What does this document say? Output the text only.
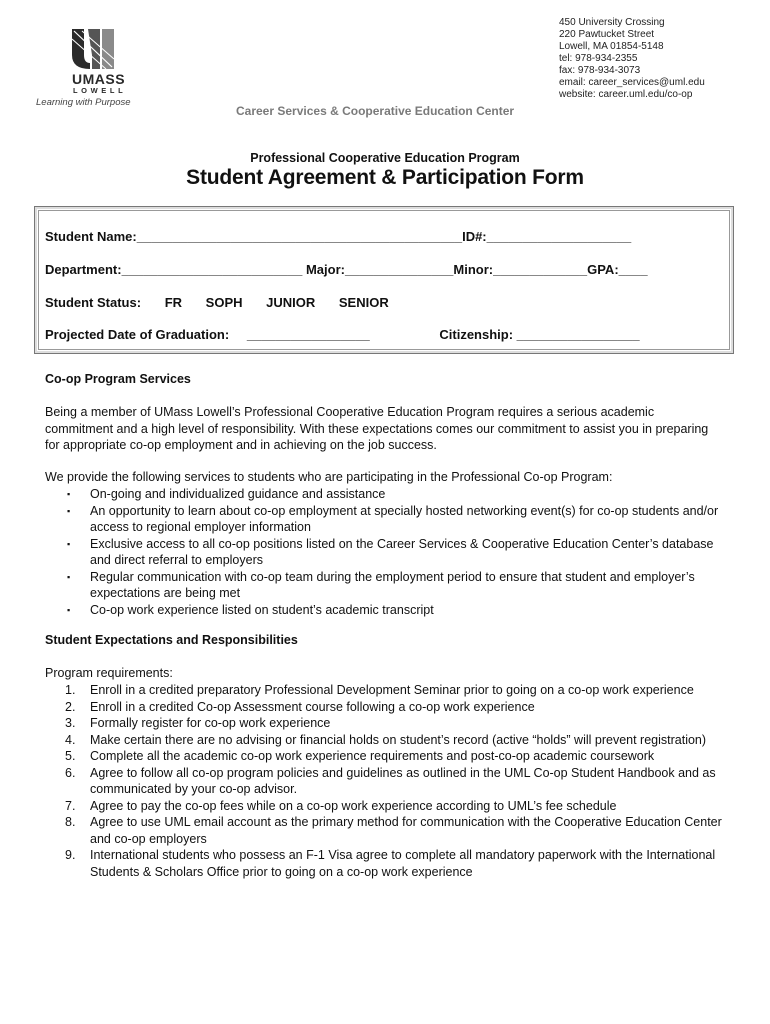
UMASS
LOWELL
Learning with Purpose
450 University Crossing
220 Pawtucket Street
Lowell, MA 01854-5148
tel: 978-934-2355
fax: 978-934-3073
email: career_services@uml.edu
website: career.uml.edu/co-op
Career Services & Cooperative Education Center
Professional Cooperative Education Program
Student Agreement & Participation Form
Student Name:_____________________________________________ID#:____________________
Department:_________________________ Major:_______________Minor:_____________GPA:____
Student Status: FR SOPH JUNIOR SENIOR
Projected Date of Graduation: _________________	Citizenship: _________________
Co-op Program Services
Being a member of UMass Lowell’s Professional Cooperative Education Program requires a serious academic commitment and a high level of responsibility. With these expectations comes our commitment to assist you in preparing for appropriate co-op employment and in achieving on the job success.
We provide the following services to students who are participating in the Professional Co-op Program:
▪ On-going and individualized guidance and assistance
▪ An opportunity to learn about co-op employment at specially hosted networking event(s) for co-op students and/or access to regional employer information
▪ Exclusive access to all co-op positions listed on the Career Services & Cooperative Education Center’s database and direct referral to employers
▪ Regular communication with co-op team during the employment period to ensure that student and employer’s expectations are being met
▪ Co-op work experience listed on student’s academic transcript
Student Expectations and Responsibilities
Program requirements:
1. Enroll in a credited preparatory Professional Development Seminar prior to going on a co-op work experience
2. Enroll in a credited Co-op Assessment course following a co-op work experience
3. Formally register for co-op work experience
4. Make certain there are no advising or financial holds on student’s record (active “holds” will prevent registration)
5. Complete all the academic co-op work experience requirements and post-co-op academic coursework
6. Agree to follow all co-op program policies and guidelines as outlined in the UML Co-op Student Handbook and as communicated by your co-op advisor.
7. Agree to pay the co-op fees while on a co-op work experience according to UML’s fee schedule
8. Agree to use UML email account as the primary method for communication with the Cooperative Education Center and co-op employers
9. International students who possess an F-1 Visa agree to complete all mandatory paperwork with the International Students & Scholars Office prior to going on a co-op work experience
